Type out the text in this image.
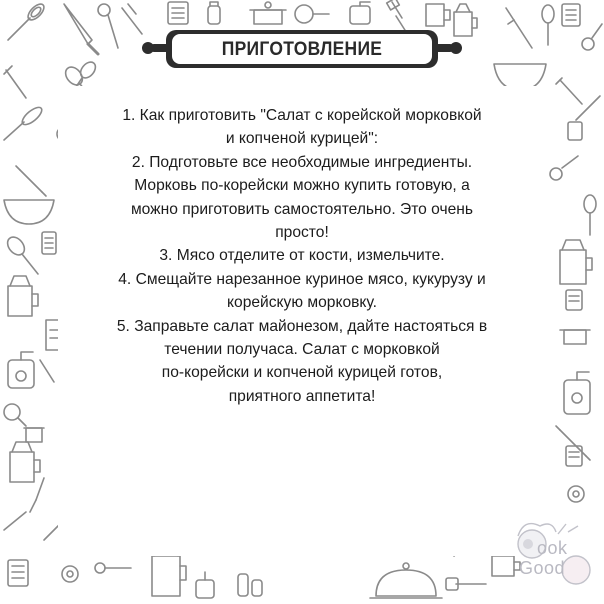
ПРИГОТОВЛЕНИЕ
1. Как приготовить "Салат с корейской морковкой
и копченой курицей":
2. Подготовьте все необходимые ингредиенты.
Морковь по-корейски можно купить готовую, а
можно приготовить самостоятельно. Это очень
просто!
3. Мясо отделите от кости, измельчите.
4. Смещайте нарезанное куриное мясо, кукурузу и
корейскую морковку.
5. Заправьте салат майонезом, дайте настояться в
течении получаса. Салат с морковкой
по-корейски и копченой курицей готов,
приятного аппетита!
ook
Good
